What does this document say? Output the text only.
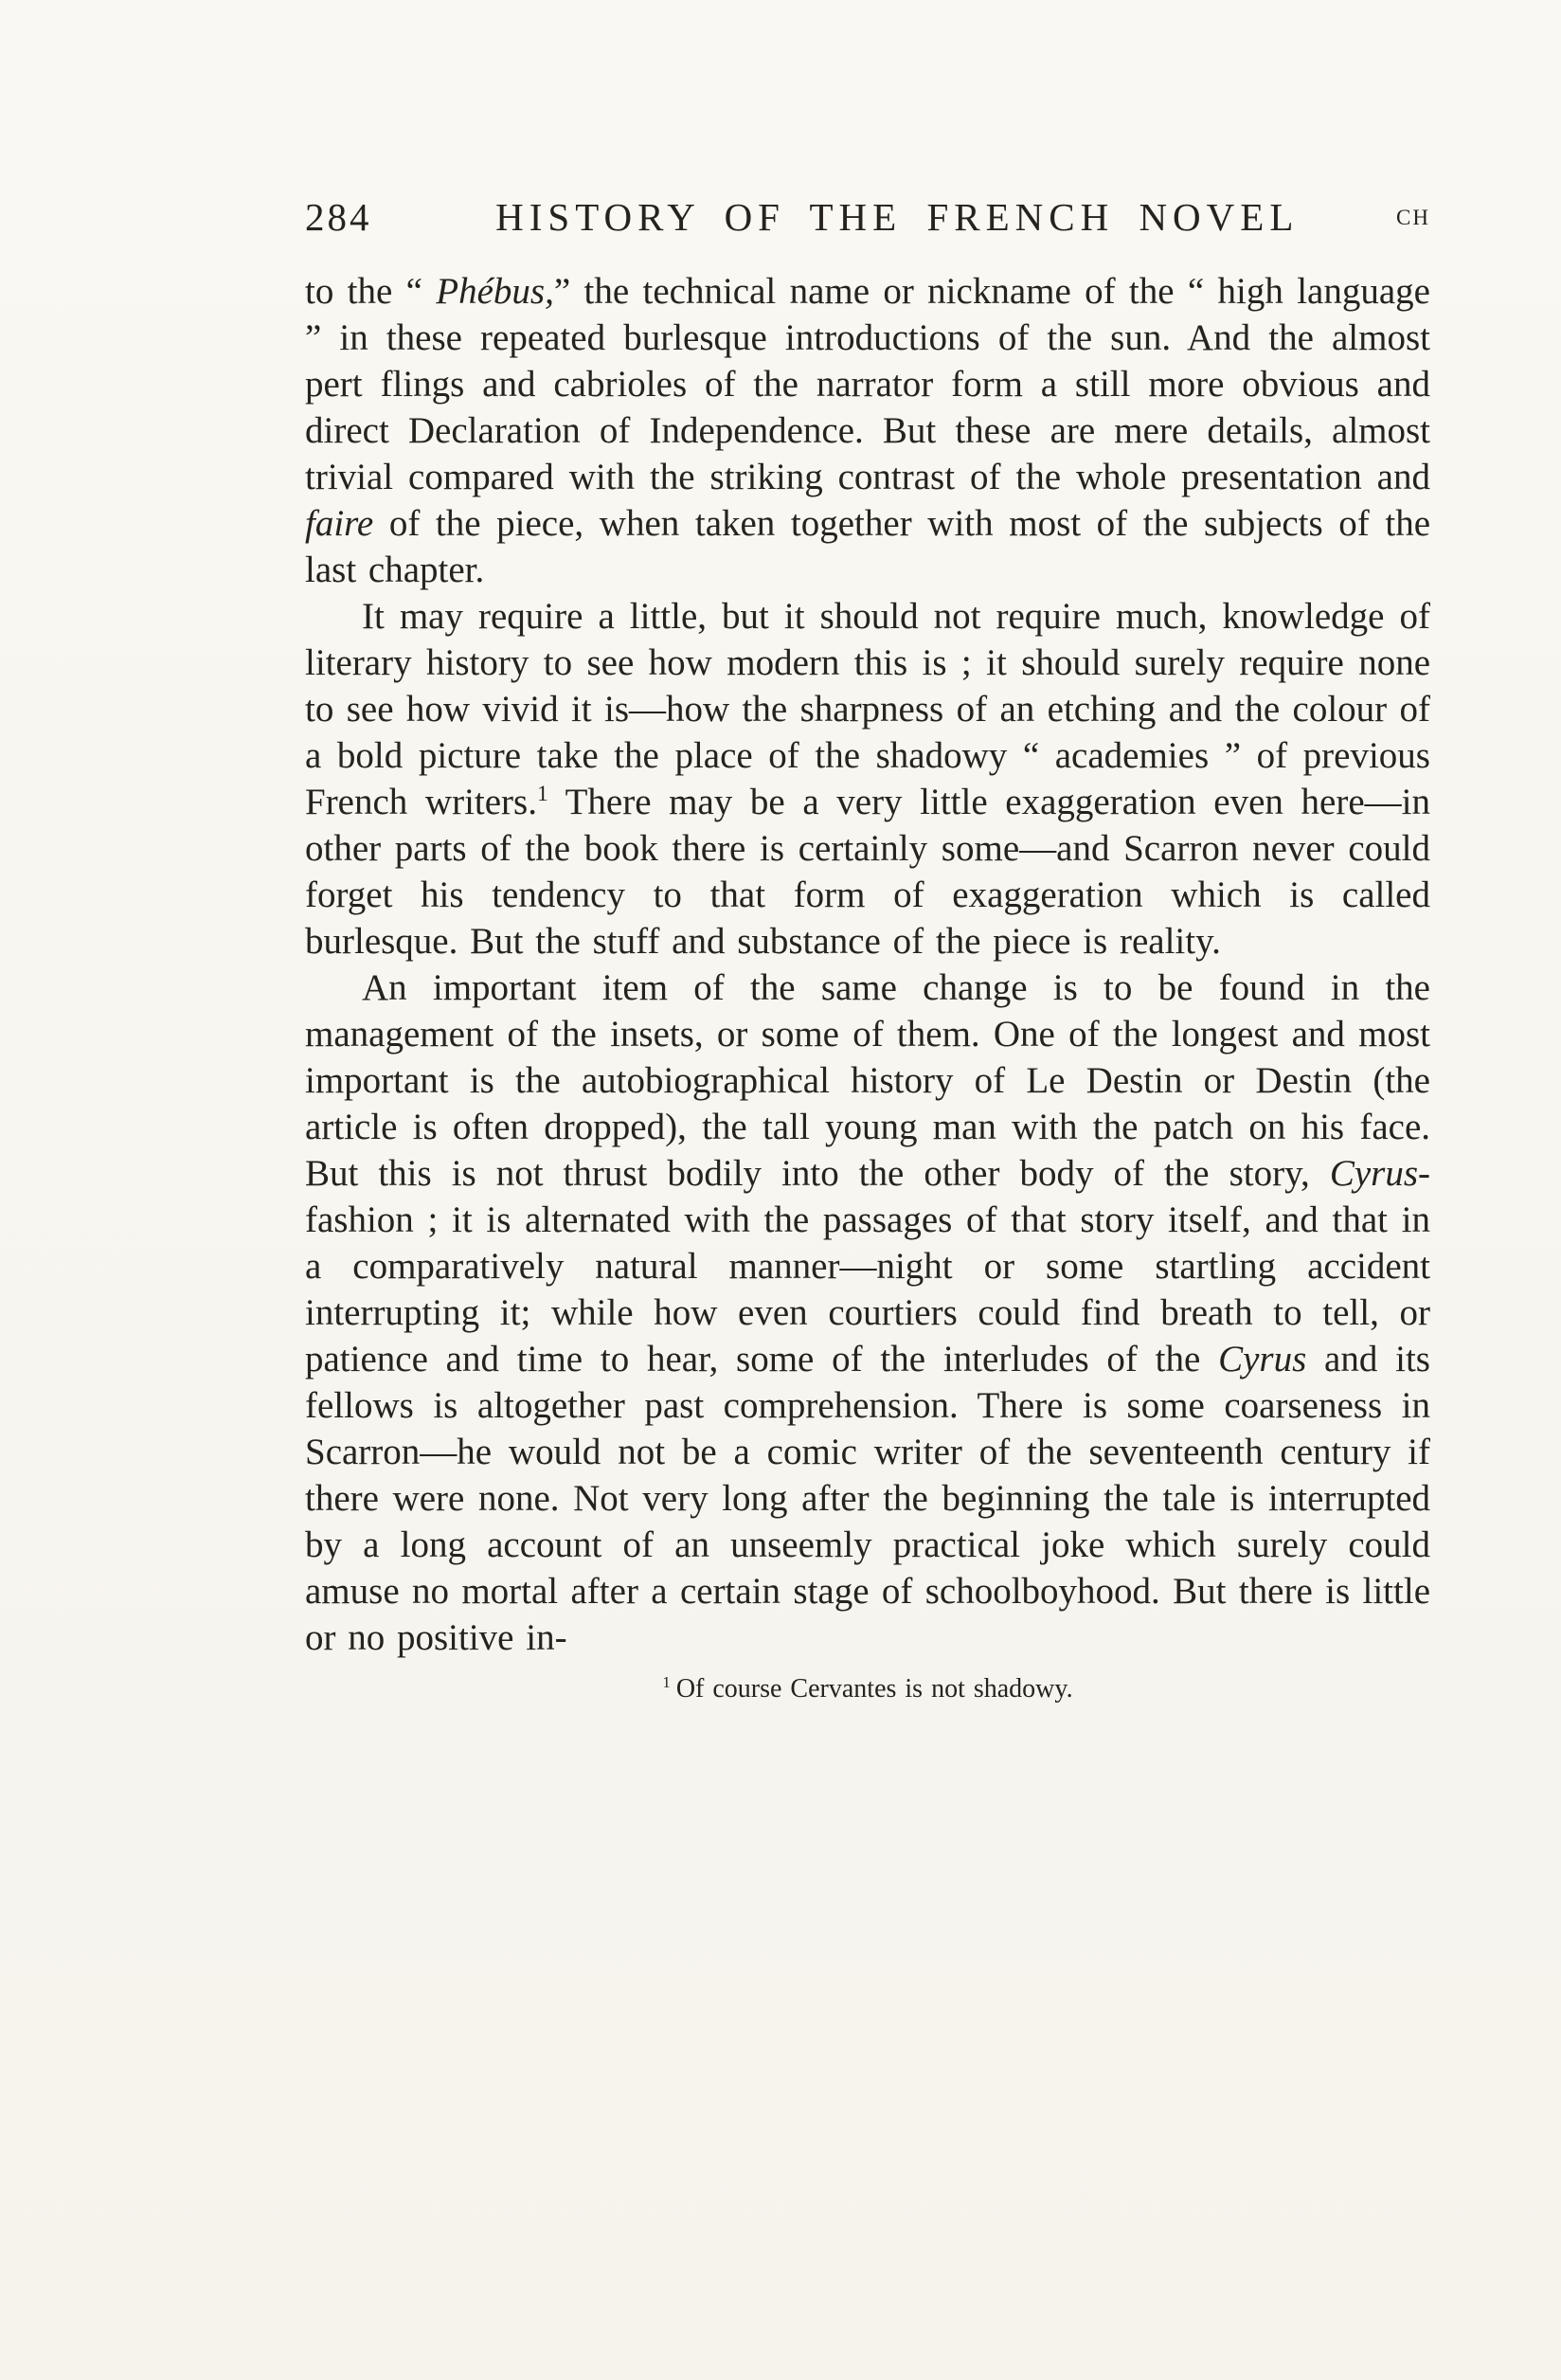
284	HISTORY OF THE FRENCH NOVEL	CH

to the “ Phébus,” the technical name or nickname of the “ high language ” in these repeated burlesque introductions of the sun. And the almost pert flings and cabrioles of the narrator form a still more obvious and direct Declaration of Independence. But these are mere details, almost trivial compared with the striking contrast of the whole presentation and faire of the piece, when taken together with most of the subjects of the last chapter.

It may require a little, but it should not require much, knowledge of literary history to see how modern this is ; it should surely require none to see how vivid it is—how the sharpness of an etching and the colour of a bold picture take the place of the shadowy “ academies ” of previous French writers.$^1$ There may be a very little exaggeration even here—in other parts of the book there is certainly some—and Scarron never could forget his tendency to that form of exaggeration which is called burlesque. But the stuff and substance of the piece is reality.

An important item of the same change is to be found in the management of the insets, or some of them. One of the longest and most important is the autobiographical history of Le Destin or Destin (the article is often dropped), the tall young man with the patch on his face. But this is not thrust bodily into the other body of the story, Cyrus-fashion ; it is alternated with the passages of that story itself, and that in a comparatively natural manner—night or some startling accident interrupting it; while how even courtiers could find breath to tell, or patience and time to hear, some of the interludes of the Cyrus and its fellows is altogether past comprehension. There is some coarseness in Scarron—he would not be a comic writer of the seventeenth century if there were none. Not very long after the beginning the tale is interrupted by a long account of an unseemly practical joke which surely could amuse no mortal after a certain stage of schoolboyhood. But there is little or no positive in-

$^1$ Of course Cervantes is not shadowy.
